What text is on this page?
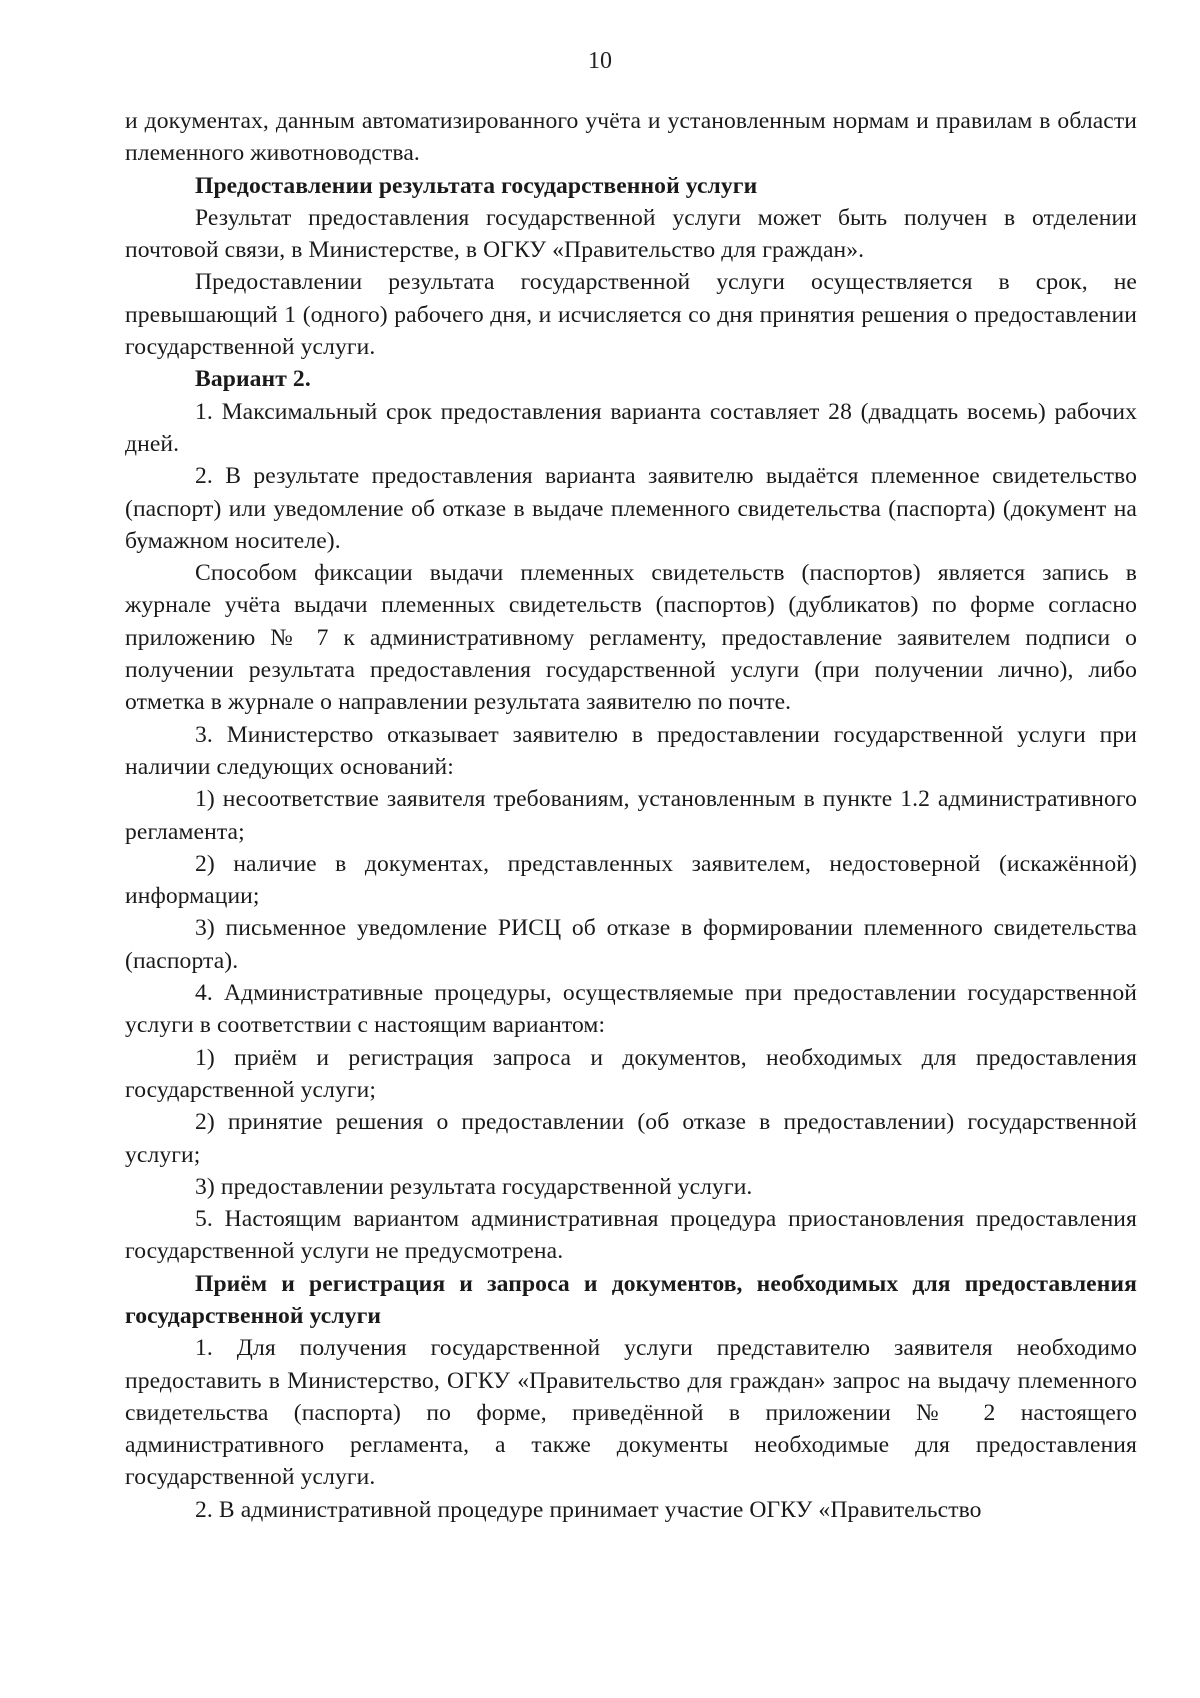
10

и документах, данным автоматизированного учёта и установленным нормам и правилам в области племенного животноводства.

Предоставлении результата государственной услуги

Результат предоставления государственной услуги может быть получен в отделении почтовой связи, в Министерстве, в ОГКУ «Правительство для граждан».

Предоставлении результата государственной услуги осуществляется в срок, не превышающий 1 (одного) рабочего дня, и исчисляется со дня принятия решения о предоставлении государственной услуги.

Вариант 2.

1. Максимальный срок предоставления варианта составляет 28 (двадцать восемь) рабочих дней.

2. В результате предоставления варианта заявителю выдаётся племенное свидетельство (паспорт) или уведомление об отказе в выдаче племенного свидетельства (паспорта) (документ на бумажном носителе).

Способом фиксации выдачи племенных свидетельств (паспортов) является запись в журнале учёта выдачи племенных свидетельств (паспортов) (дубликатов) по форме согласно приложению № 7 к административному регламенту, предоставление заявителем подписи о получении результата предоставления государственной услуги (при получении лично), либо отметка в журнале о направлении результата заявителю по почте.

3. Министерство отказывает заявителю в предоставлении государственной услуги при наличии следующих оснований:

1) несоответствие заявителя требованиям, установленным в пункте 1.2 административного регламента;

2) наличие в документах, представленных заявителем, недостоверной (искажённой) информации;

3) письменное уведомление РИСЦ об отказе в формировании племенного свидетельства (паспорта).

4. Административные процедуры, осуществляемые при предоставлении государственной услуги в соответствии с настоящим вариантом:

1) приём и регистрация запроса и документов, необходимых для предоставления государственной услуги;

2) принятие решения о предоставлении (об отказе в предоставлении) государственной услуги;

3) предоставлении результата государственной услуги.

5. Настоящим вариантом административная процедура приостановления предоставления государственной услуги не предусмотрена.

Приём и регистрация и запроса и документов, необходимых для предоставления государственной услуги

1. Для получения государственной услуги представителю заявителя необходимо предоставить в Министерство, ОГКУ «Правительство для граждан» запрос на выдачу племенного свидетельства (паспорта) по форме, приведённой в приложении № 2 настоящего административного регламента, а также документы необходимые для предоставления государственной услуги.

2. В административной процедуре принимает участие ОГКУ «Правительство
